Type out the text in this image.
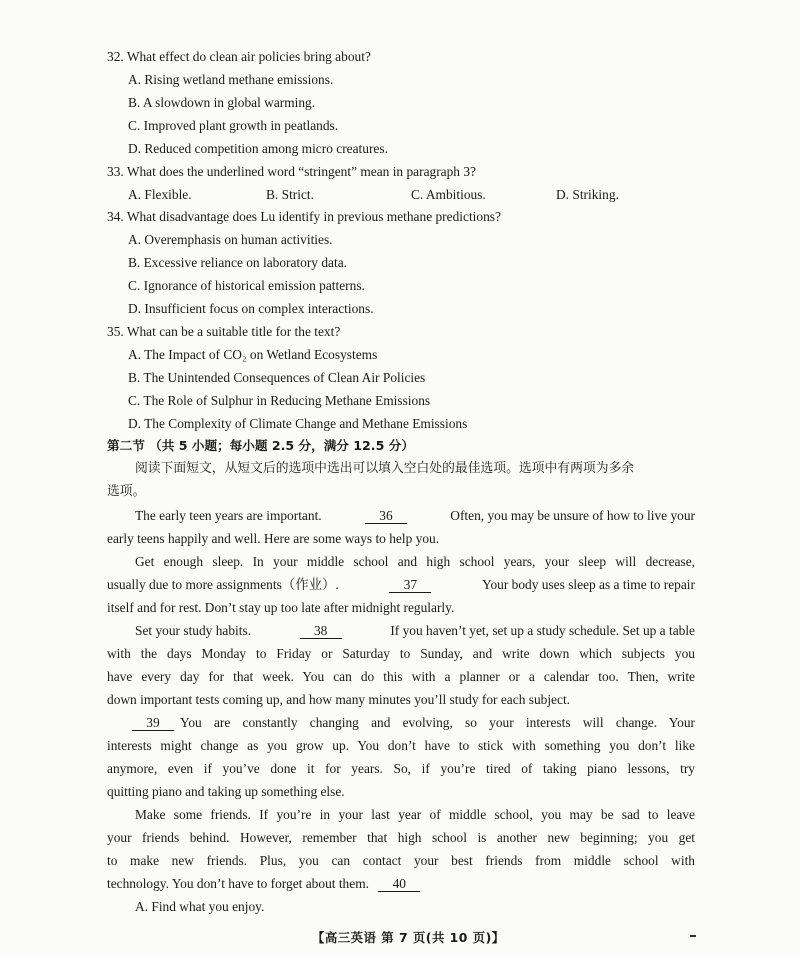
32. What effect do clean air policies bring about?
A. Rising wetland methane emissions.
B. A slowdown in global warming.
C. Improved plant growth in peatlands.
D. Reduced competition among micro creatures.
33. What does the underlined word “stringent” mean in paragraph 3?
A. Flexible.	B. Strict.	C. Ambitious.	D. Striking.
34. What disadvantage does Lu identify in previous methane predictions?
A. Overemphasis on human activities.
B. Excessive reliance on laboratory data.
C. Ignorance of historical emission patterns.
D. Insufficient focus on complex interactions.
35. What can be a suitable title for the text?
A. The Impact of CO₂ on Wetland Ecosystems
B. The Unintended Consequences of Clean Air Policies
C. The Role of Sulphur in Reducing Methane Emissions
D. The Complexity of Climate Change and Methane Emissions
第二节 （共 5 小题；每小题 2.5 分，满分 12.5 分）
阅读下面短文，从短文后的选项中选出可以填入空白处的最佳选项。选项中有两项为多余
选项。
The early teen years are important.	36	Often, you may be unsure of how to live your
early teens happily and well. Here are some ways to help you.
Get enough sleep. In your middle school and high school years, your sleep will decrease,
usually due to more assignments（作业）.	37	Your body uses sleep as a time to repair
itself and for rest. Don’t stay up too late after midnight regularly.
Set your study habits.	38	If you haven’t yet, set up a study schedule. Set up a table
with the days Monday to Friday or Saturday to Sunday, and write down which subjects you
have every day for that week. You can do this with a planner or a calendar too. Then, write
down important tests coming up, and how many minutes you’ll study for each subject.
39	You are constantly changing and evolving, so your interests will change. Your
interests might change as you grow up. You don’t have to stick with something you don’t like
anymore, even if you’ve done it for years. So, if you’re tired of taking piano lessons, try
quitting piano and taking up something else.
Make some friends. If you’re in your last year of middle school, you may be sad to leave
your friends behind. However, remember that high school is another new beginning; you get
to make new friends. Plus, you can contact your best friends from middle school with
technology. You don’t have to forget about them. 40
A. Find what you enjoy.
【高三英语 第 7 页(共 10 页)】
